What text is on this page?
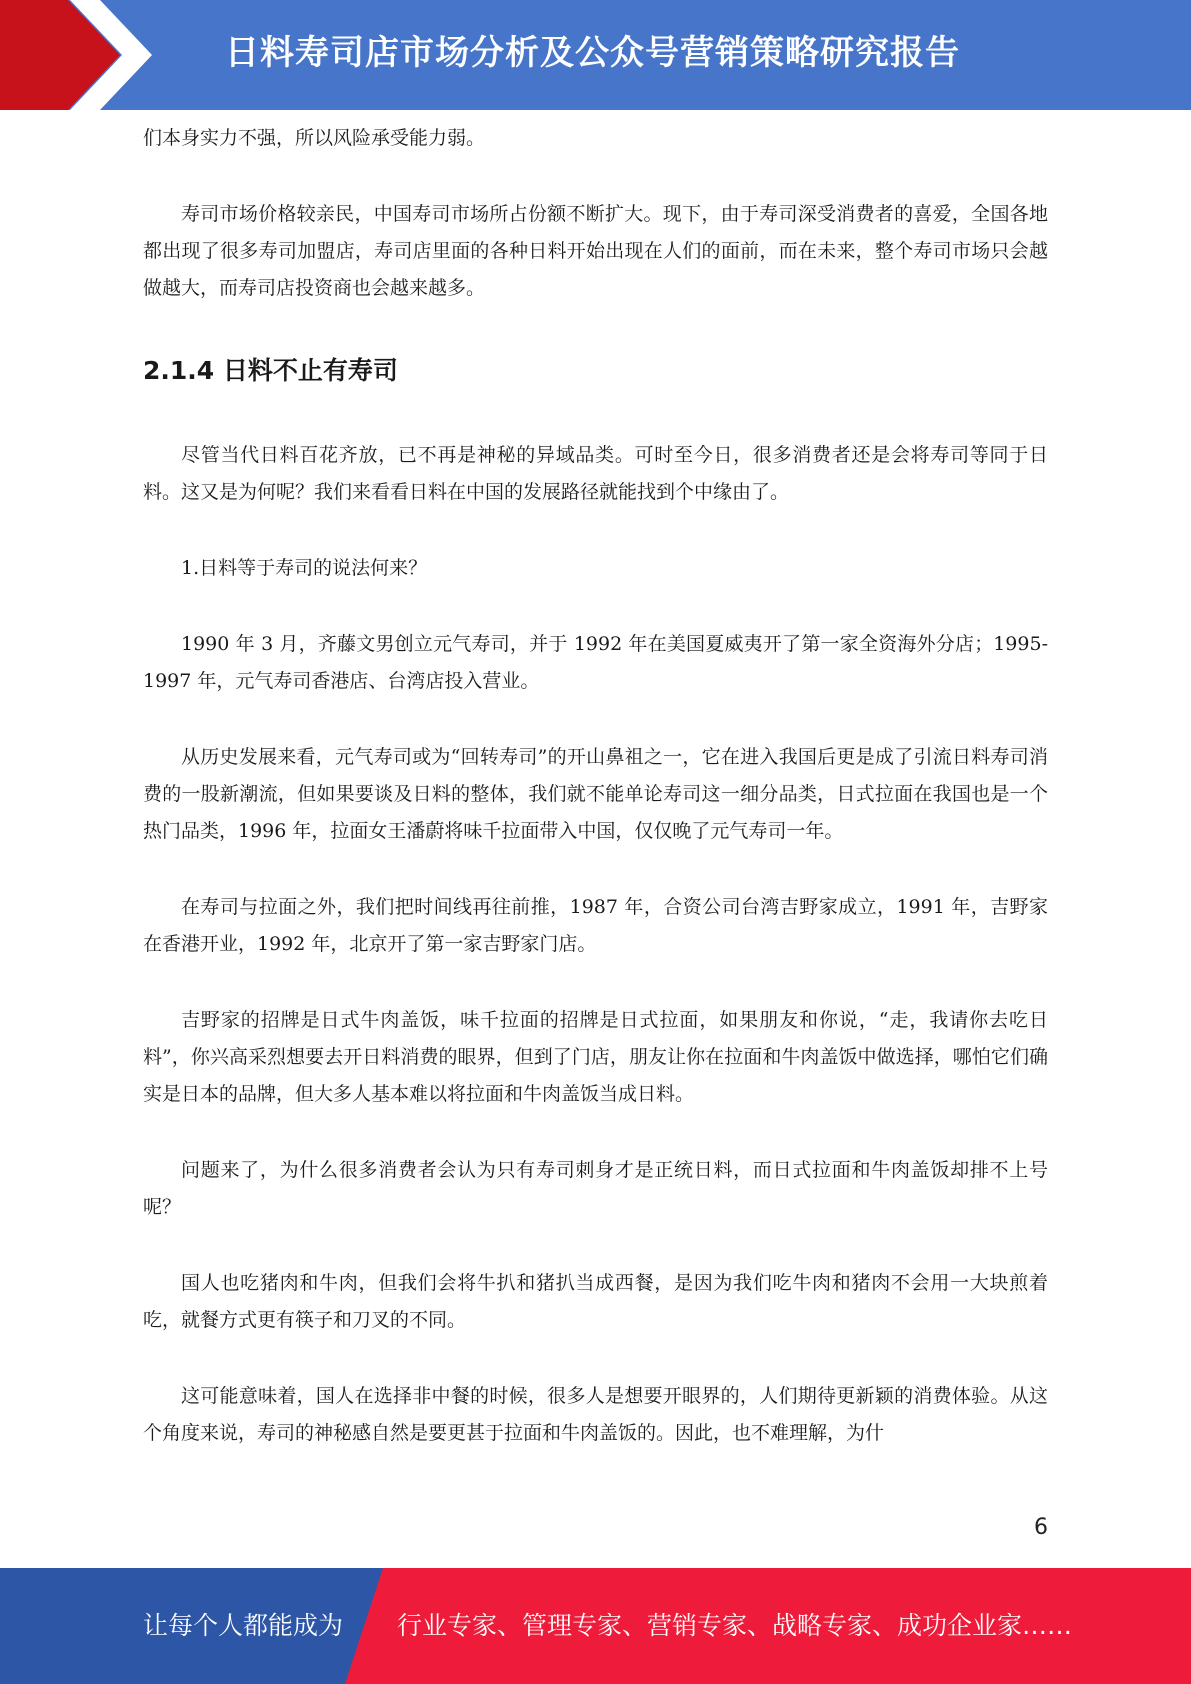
日料寿司店市场分析及公众号营销策略研究报告

们本身实力不强，所以风险承受能力弱。

寿司市场价格较亲民，中国寿司市场所占份额不断扩大。现下，由于寿司深受消费者的喜爱，全国各地都出现了很多寿司加盟店，寿司店里面的各种日料开始出现在人们的面前，而在未来，整个寿司市场只会越做越大，而寿司店投资商也会越来越多。

2.1.4 日料不止有寿司

尽管当代日料百花齐放，已不再是神秘的异域品类。可时至今日，很多消费者还是会将寿司等同于日料。这又是为何呢？我们来看看日料在中国的发展路径就能找到个中缘由了。

1.日料等于寿司的说法何来？

1990 年 3 月，齐藤文男创立元气寿司，并于 1992 年在美国夏威夷开了第一家全资海外分店；1995-1997 年，元气寿司香港店、台湾店投入营业。

从历史发展来看，元气寿司或为“回转寿司”的开山鼻祖之一，它在进入我国后更是成了引流日料寿司消费的一股新潮流，但如果要谈及日料的整体，我们就不能单论寿司这一细分品类，日式拉面在我国也是一个热门品类，1996 年，拉面女王潘蔚将味千拉面带入中国，仅仅晚了元气寿司一年。

在寿司与拉面之外，我们把时间线再往前推，1987 年，合资公司台湾吉野家成立，1991 年，吉野家在香港开业，1992 年，北京开了第一家吉野家门店。

吉野家的招牌是日式牛肉盖饭，味千拉面的招牌是日式拉面，如果朋友和你说，“走，我请你去吃日料”，你兴高采烈想要去开日料消费的眼界，但到了门店，朋友让你在拉面和牛肉盖饭中做选择，哪怕它们确实是日本的品牌，但大多人基本难以将拉面和牛肉盖饭当成日料。

问题来了，为什么很多消费者会认为只有寿司刺身才是正统日料，而日式拉面和牛肉盖饭却排不上号呢？

国人也吃猪肉和牛肉，但我们会将牛扒和猪扒当成西餐，是因为我们吃牛肉和猪肉不会用一大块煎着吃，就餐方式更有筷子和刀叉的不同。

这可能意味着，国人在选择非中餐的时候，很多人是想要开眼界的，人们期待更新颖的消费体验。从这个角度来说，寿司的神秘感自然是要更甚于拉面和牛肉盖饭的。因此，也不难理解，为什

6
让每个人都能成为 行业专家、管理专家、营销专家、战略专家、成功企业家……
